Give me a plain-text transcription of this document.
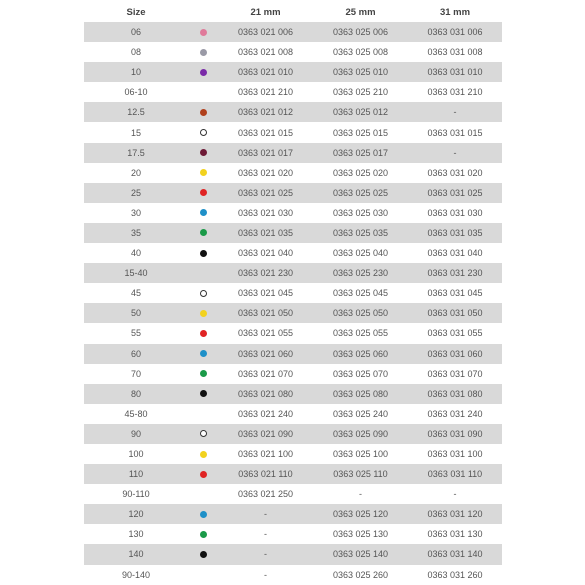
Size	21 mm	25 mm	31 mm
06	0363 021 006	0363 025 006	0363 031 006
08	0363 021 008	0363 025 008	0363 031 008
10	0363 021 010	0363 025 010	0363 031 010
06-10	0363 021 210	0363 025 210	0363 031 210
12.5	0363 021 012	0363 025 012	-
15	0363 021 015	0363 025 015	0363 031 015
17.5	0363 021 017	0363 025 017	-
20	0363 021 020	0363 025 020	0363 031 020
25	0363 021 025	0363 025 025	0363 031 025
30	0363 021 030	0363 025 030	0363 031 030
35	0363 021 035	0363 025 035	0363 031 035
40	0363 021 040	0363 025 040	0363 031 040
15-40	0363 021 230	0363 025 230	0363 031 230
45	0363 021 045	0363 025 045	0363 031 045
50	0363 021 050	0363 025 050	0363 031 050
55	0363 021 055	0363 025 055	0363 031 055
60	0363 021 060	0363 025 060	0363 031 060
70	0363 021 070	0363 025 070	0363 031 070
80	0363 021 080	0363 025 080	0363 031 080
45-80	0363 021 240	0363 025 240	0363 031 240
90	0363 021 090	0363 025 090	0363 031 090
100	0363 021 100	0363 025 100	0363 031 100
110	0363 021 110	0363 025 110	0363 031 110
90-110	0363 021 250	-	-
120	-	0363 025 120	0363 031 120
130	-	0363 025 130	0363 031 130
140	-	0363 025 140	0363 031 140
90-140	-	0363 025 260	0363 031 260
